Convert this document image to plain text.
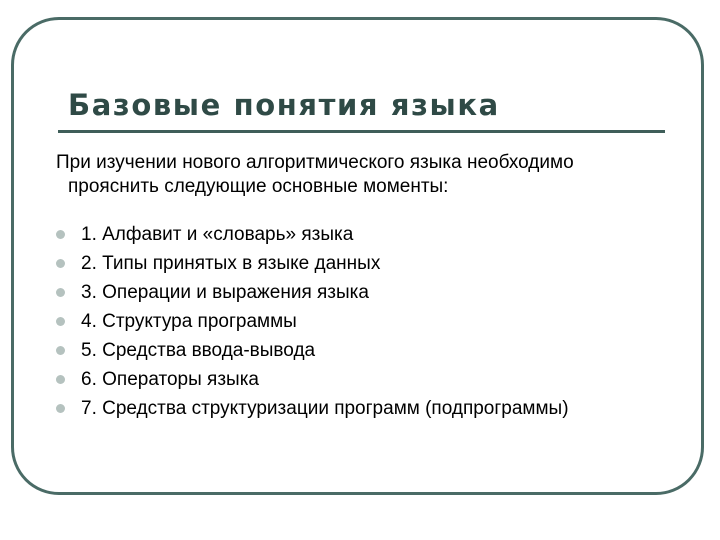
Базовые понятия языка
При изучении нового алгоритмического языка необходимо
прояснить следующие основные моменты:
1. Алфавит и «словарь» языка
2. Типы принятых в языке данных
3. Операции и выражения языка
4. Структура программы
5. Средства ввода-вывода
6. Операторы языка
7. Средства структуризации программ (подпрограммы)
